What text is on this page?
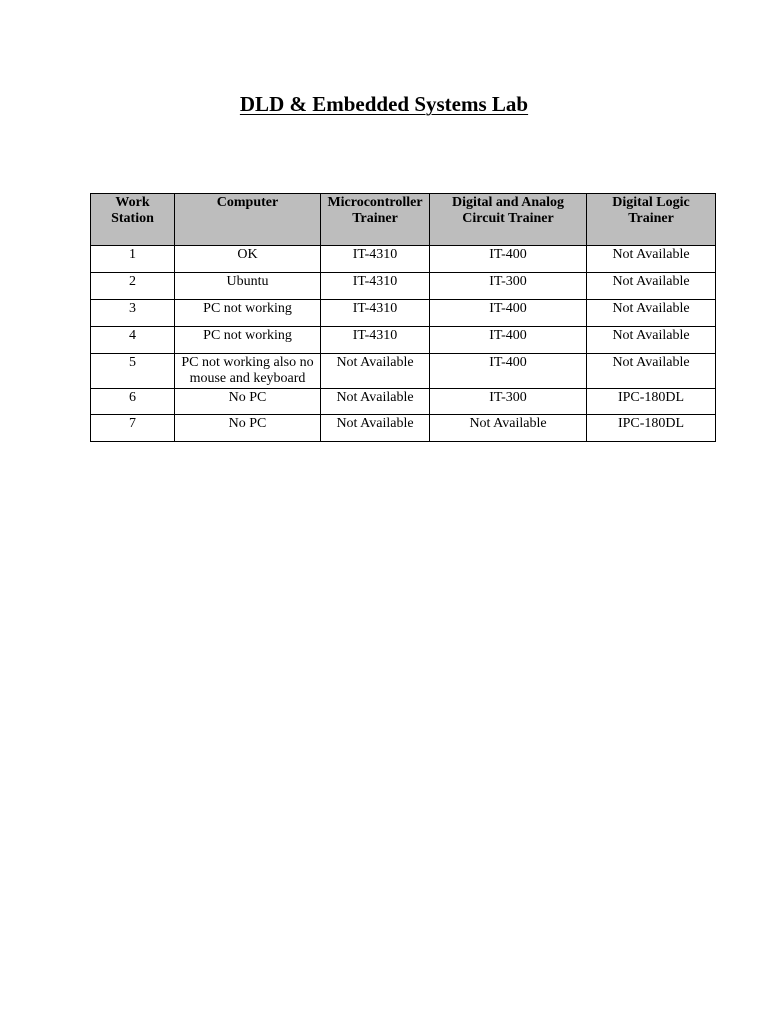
DLD & Embedded Systems Lab
Work Station	Computer	Microcontroller Trainer	Digital and Analog Circuit Trainer	Digital Logic Trainer
1	OK	IT-4310	IT-400	Not Available
2	Ubuntu	IT-4310	IT-300	Not Available
3	PC not working	IT-4310	IT-400	Not Available
4	PC not working	IT-4310	IT-400	Not Available
5	PC not working also no mouse and keyboard	Not Available	IT-400	Not Available
6	No PC	Not Available	IT-300	IPC-180DL
7	No PC	Not Available	Not Available	IPC-180DL
